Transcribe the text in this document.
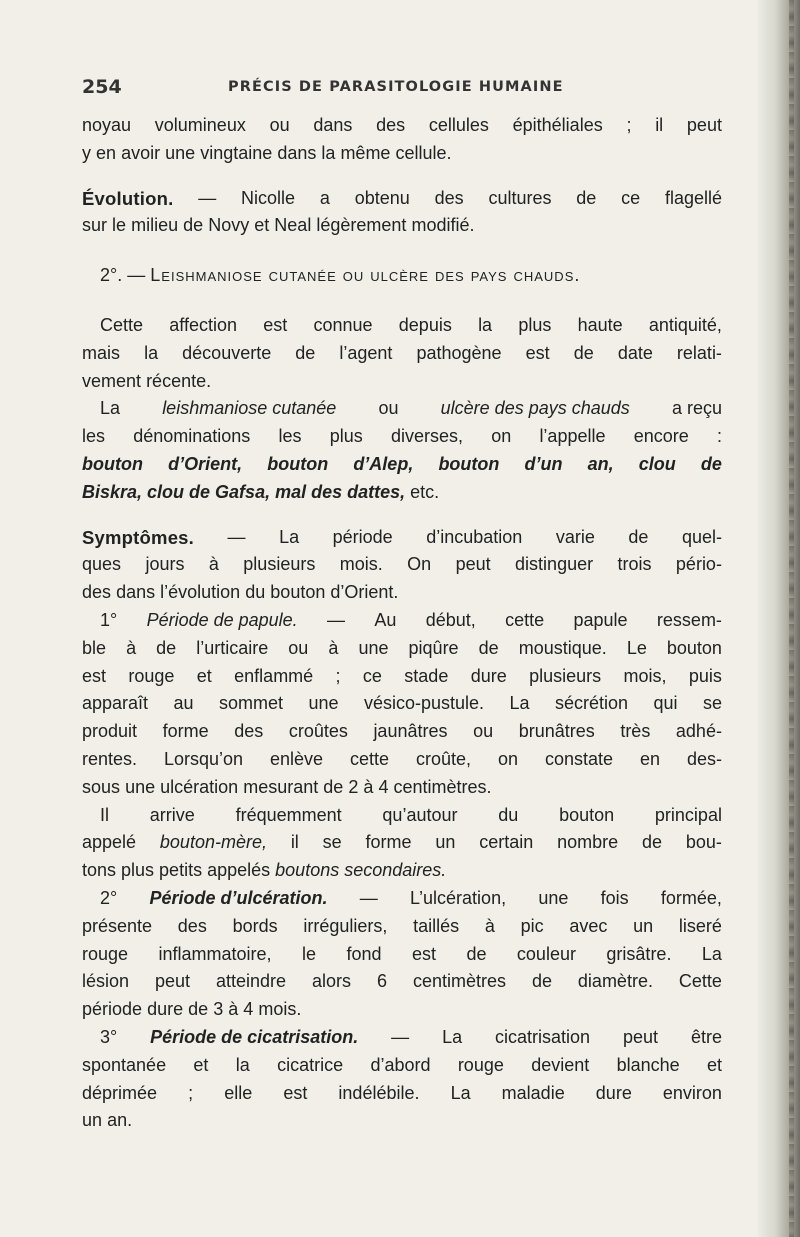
254	PRÉCIS DE PARASITOLOGIE HUMAINE
noyau volumineux ou dans des cellules épithéliales ; il peut
y en avoir une vingtaine dans la même cellule.
Évolution. — Nicolle a obtenu des cultures de ce flagellé
sur le milieu de Novy et Neal légèrement modifié.
2°. — Leishmaniose cutanée ou ulcère des pays chauds.
Cette affection est connue depuis la plus haute antiquité,
mais la découverte de l’agent pathogène est de date relati-
vement récente.
La leishmaniose cutanée ou ulcère des pays chauds a reçu
les dénominations les plus diverses, on l’appelle encore :
bouton d’Orient, bouton d’Alep, bouton d’un an, clou de
Biskra, clou de Gafsa, mal des dattes, etc.
Symptômes. — La période d’incubation varie de quel-
ques jours à plusieurs mois. On peut distinguer trois pério-
des dans l’évolution du bouton d’Orient.
1° Période de papule. — Au début, cette papule ressem-
ble à de l’urticaire ou à une piqûre de moustique. Le bouton
est rouge et enflammé ; ce stade dure plusieurs mois, puis
apparaît au sommet une vésico-pustule. La sécrétion qui se
produit forme des croûtes jaunâtres ou brunâtres très adhé-
rentes. Lorsqu’on enlève cette croûte, on constate en des-
sous une ulcération mesurant de 2 à 4 centimètres.
Il arrive fréquemment qu’autour du bouton principal
appelé bouton-mère, il se forme un certain nombre de bou-
tons plus petits appelés boutons secondaires.
2° Période d’ulcération. — L’ulcération, une fois formée,
présente des bords irréguliers, taillés à pic avec un liseré
rouge inflammatoire, le fond est de couleur grisâtre. La
lésion peut atteindre alors 6 centimètres de diamètre. Cette
période dure de 3 à 4 mois.
3° Période de cicatrisation. — La cicatrisation peut être
spontanée et la cicatrice d’abord rouge devient blanche et
déprimée ; elle est indélébile. La maladie dure environ
un an.
